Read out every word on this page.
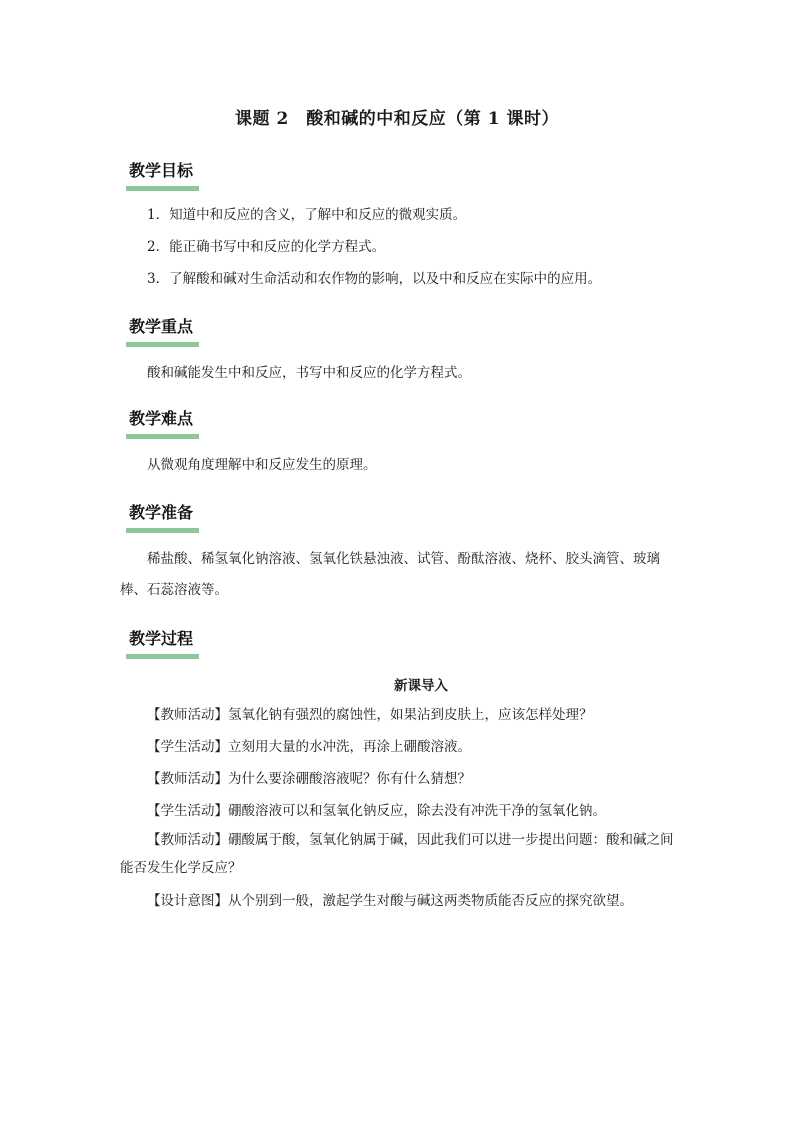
课题 2　酸和碱的中和反应（第 1 课时）
教学目标
1．知道中和反应的含义，了解中和反应的微观实质。
2．能正确书写中和反应的化学方程式。
3．了解酸和碱对生命活动和农作物的影响，以及中和反应在实际中的应用。
教学重点
酸和碱能发生中和反应，书写中和反应的化学方程式。
教学难点
从微观角度理解中和反应发生的原理。
教学准备
稀盐酸、稀氢氧化钠溶液、氢氧化铁悬浊液、试管、酚酞溶液、烧杯、胶头滴管、玻璃棒、石蕊溶液等。
教学过程
新课导入
【教师活动】氢氧化钠有强烈的腐蚀性，如果沾到皮肤上，应该怎样处理？
【学生活动】立刻用大量的水冲洗，再涂上硼酸溶液。
【教师活动】为什么要涂硼酸溶液呢？你有什么猜想？
【学生活动】硼酸溶液可以和氢氧化钠反应，除去没有冲洗干净的氢氧化钠。
【教师活动】硼酸属于酸，氢氧化钠属于碱，因此我们可以进一步提出问题：酸和碱之间能否发生化学反应？
【设计意图】从个别到一般，激起学生对酸与碱这两类物质能否反应的探究欲望。
